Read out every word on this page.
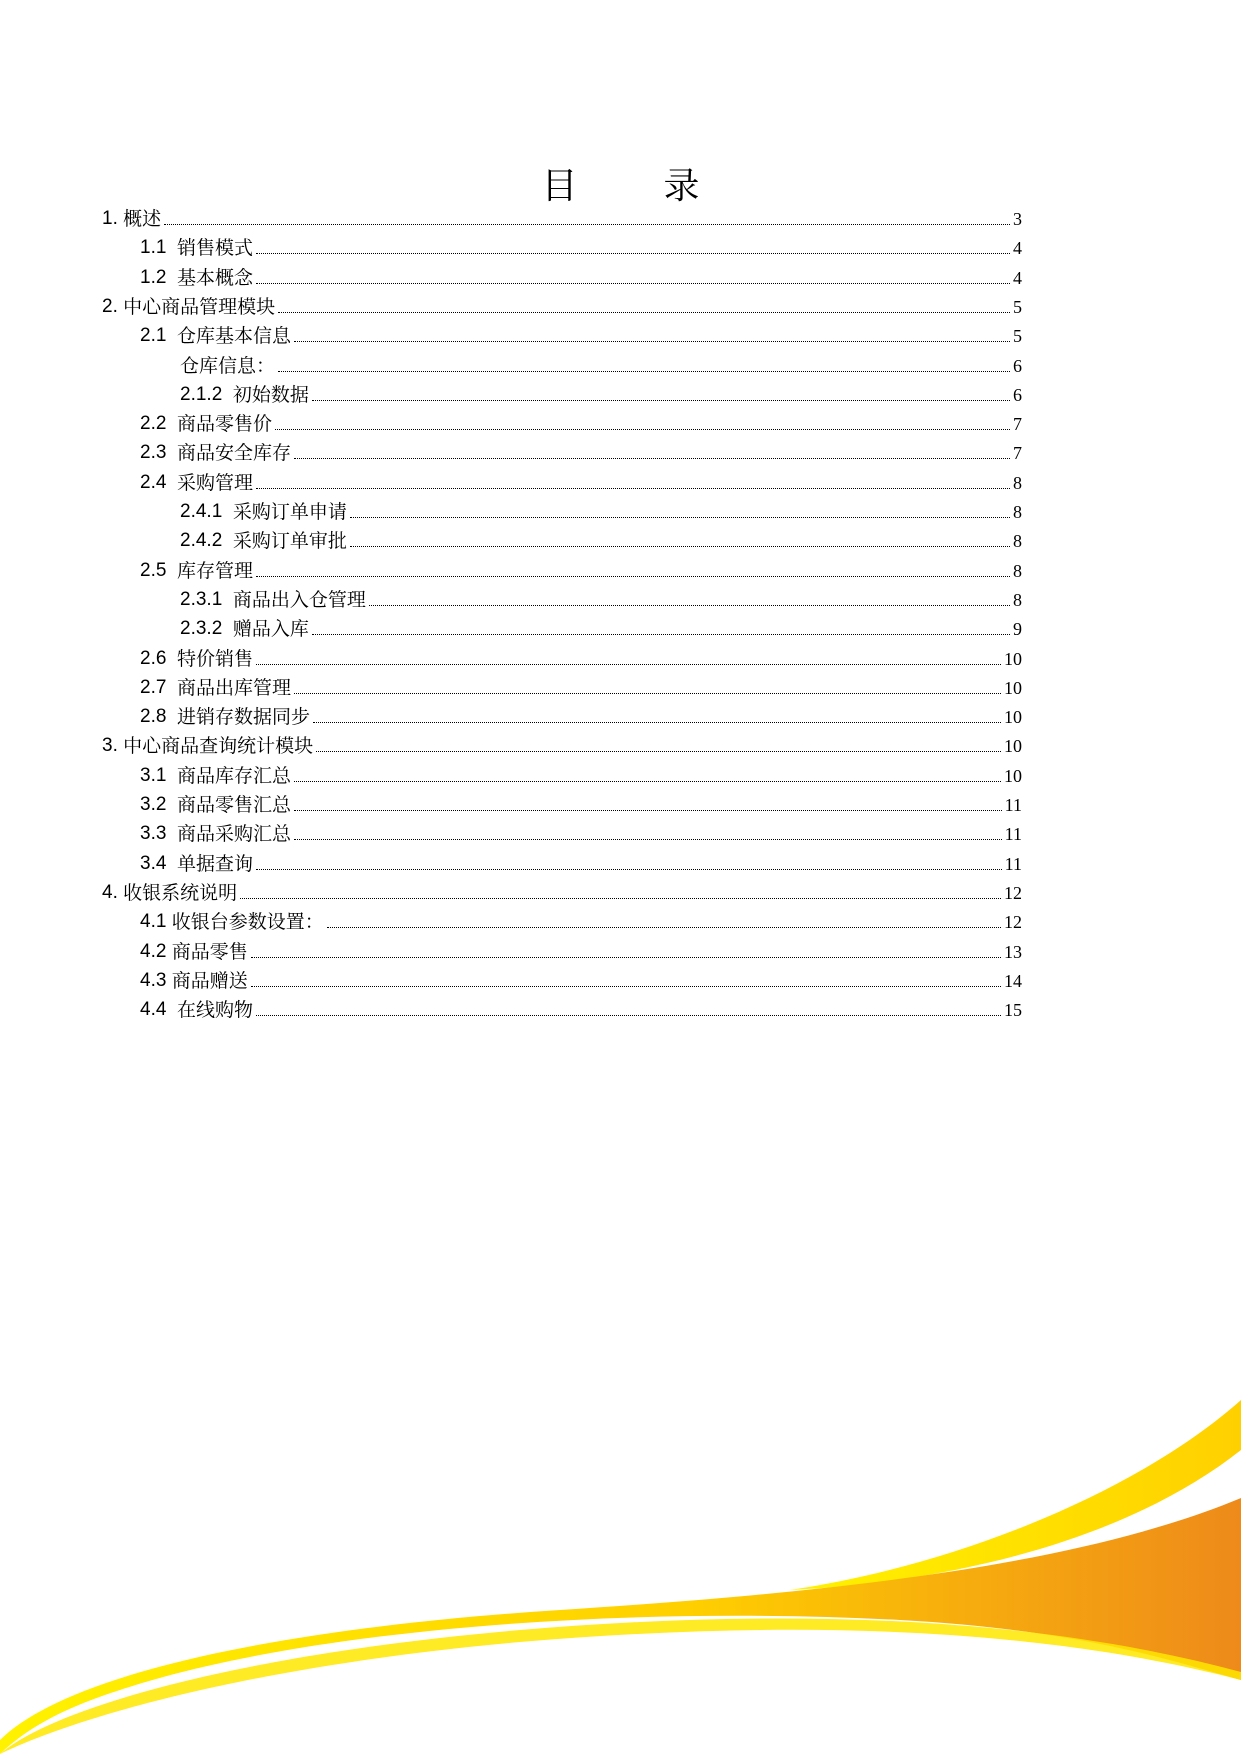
目 录
1. 概述	3
1.1 销售模式	4
1.2 基本概念	4
2. 中心商品管理模块	5
2.1 仓库基本信息	5
仓库信息：	6
2.1.2 初始数据	6
2.2 商品零售价	7
2.3 商品安全库存	7
2.4 采购管理	8
2.4.1 采购订单申请	8
2.4.2 采购订单审批	8
2.5 库存管理	8
2.3.1 商品出入仓管理	8
2.3.2 赠品入库	9
2.6 特价销售	10
2.7 商品出库管理	10
2.8 进销存数据同步	10
3. 中心商品查询统计模块	10
3.1 商品库存汇总	10
3.2 商品零售汇总	11
3.3 商品采购汇总	11
3.4 单据查询	11
4. 收银系统说明	12
4.1 收银台参数设置：	12
4.2 商品零售	13
4.3 商品赠送	14
4.4 在线购物	15
